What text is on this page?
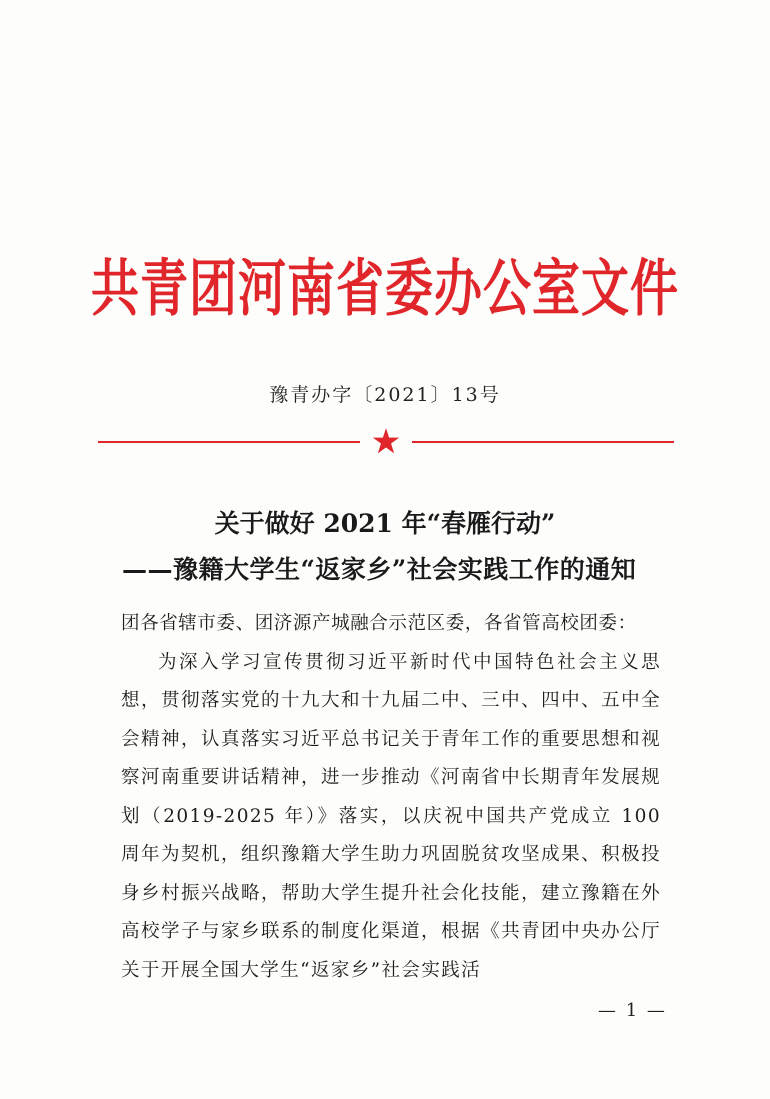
共青团河南省委办公室文件
豫青办字〔2021〕13号
关于做好 2021 年“春雁行动”
——豫籍大学生“返家乡”社会实践工作的通知

团各省辖市委、团济源产城融合示范区委，各省管高校团委：

为深入学习宣传贯彻习近平新时代中国特色社会主义思想，贯彻落实党的十九大和十九届二中、三中、四中、五中全会精神，认真落实习近平总书记关于青年工作的重要思想和视察河南重要讲话精神，进一步推动《河南省中长期青年发展规划（2019-2025 年）》落实，以庆祝中国共产党成立 100 周年为契机，组织豫籍大学生助力巩固脱贫攻坚成果、积极投身乡村振兴战略，帮助大学生提升社会化技能，建立豫籍在外高校学子与家乡联系的制度化渠道，根据《共青团中央办公厅关于开展全国大学生“返家乡”社会实践活

— 1 —
